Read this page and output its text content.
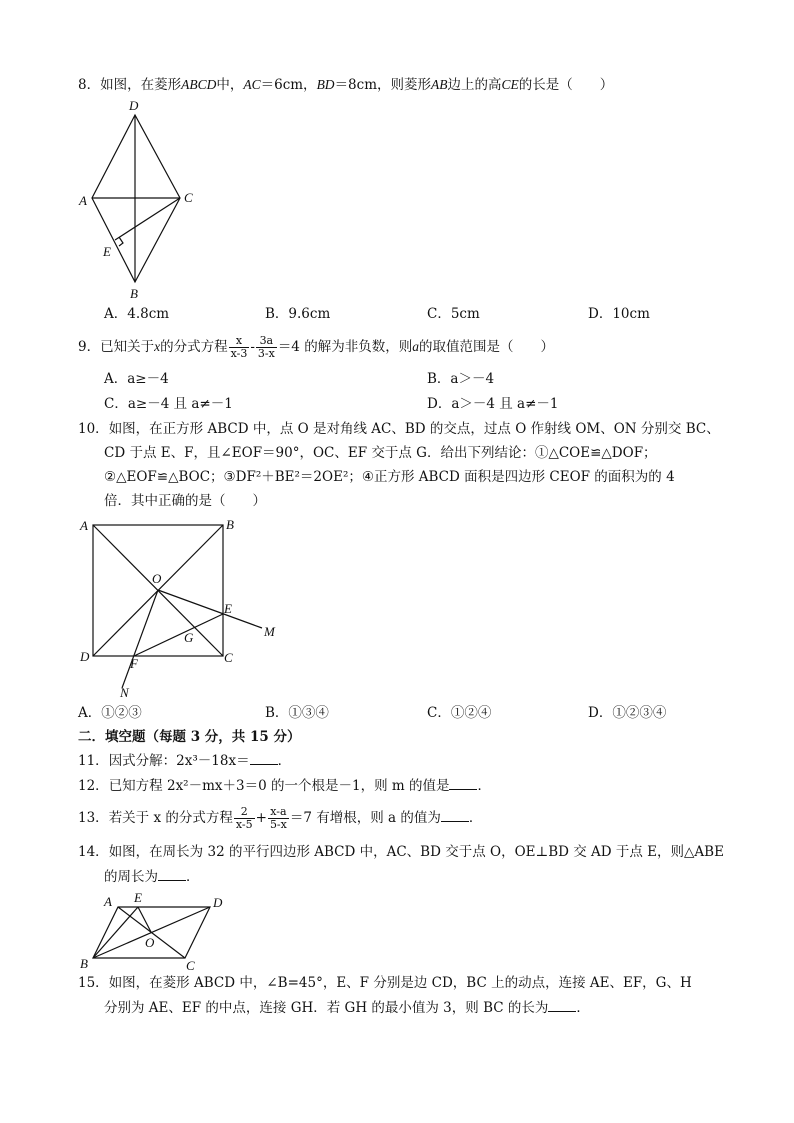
8．如图，在菱形ABCD中，AC＝6cm，BD＝8cm，则菱形AB边上的高CE的长是（　　）
D
A	C
E
B
A．4.8cm	B．9.6cm	C．5cm	D．10cm
9．已知关于x的分式方程 $\frac{x}{x-3} - \frac{3a}{3-x} =4$ 的解为非负数，则a的取值范围是（　　）
A．a≥－4	B．a＞－4
C．a≥－4 且 a≠－1	D．a＞－4 且 a≠－1
10．如图，在正方形 ABCD 中，点 O 是对角线 AC、BD 的交点，过点 O 作射线 OM、ON 分别交 BC、
CD 于点 E、F，且∠EOF＝90°，OC、EF 交于点 G．给出下列结论：①△COE≌△DOF；
②△EOF≌△BOC；③DF²＋BE²＝2OE²；④正方形 ABCD 面积是四边形 CEOF 的面积为的 4
倍．其中正确的是（　　）
A	B
O
E
M
G
D	F	C
N
A．①②③	B．①③④	C．①②④	D．①②③④
二．填空题（每题 3 分，共 15 分）
11．因式分解：2x³－18x＝ ．
12．已知方程 2x²－mx＋3＝0 的一个根是－1，则 m 的值是 ．
13．若关于 x 的分式方程 $\frac{2}{x-5} + \frac{x-a}{5-x} =7$ 有增根，则 a 的值为 ．
14．如图，在周长为 32 的平行四边形 ABCD 中，AC、BD 交于点 O，OE⊥BD 交 AD 于点 E，则△ABE
的周长为 ．
A E	D
O
B	C
15．如图，在菱形 ABCD 中，∠B=45°，E、F 分别是边 CD，BC 上的动点，连接 AE、EF，G、H
分别为 AE、EF 的中点，连接 GH．若 GH 的最小值为 3，则 BC 的长为 ．
